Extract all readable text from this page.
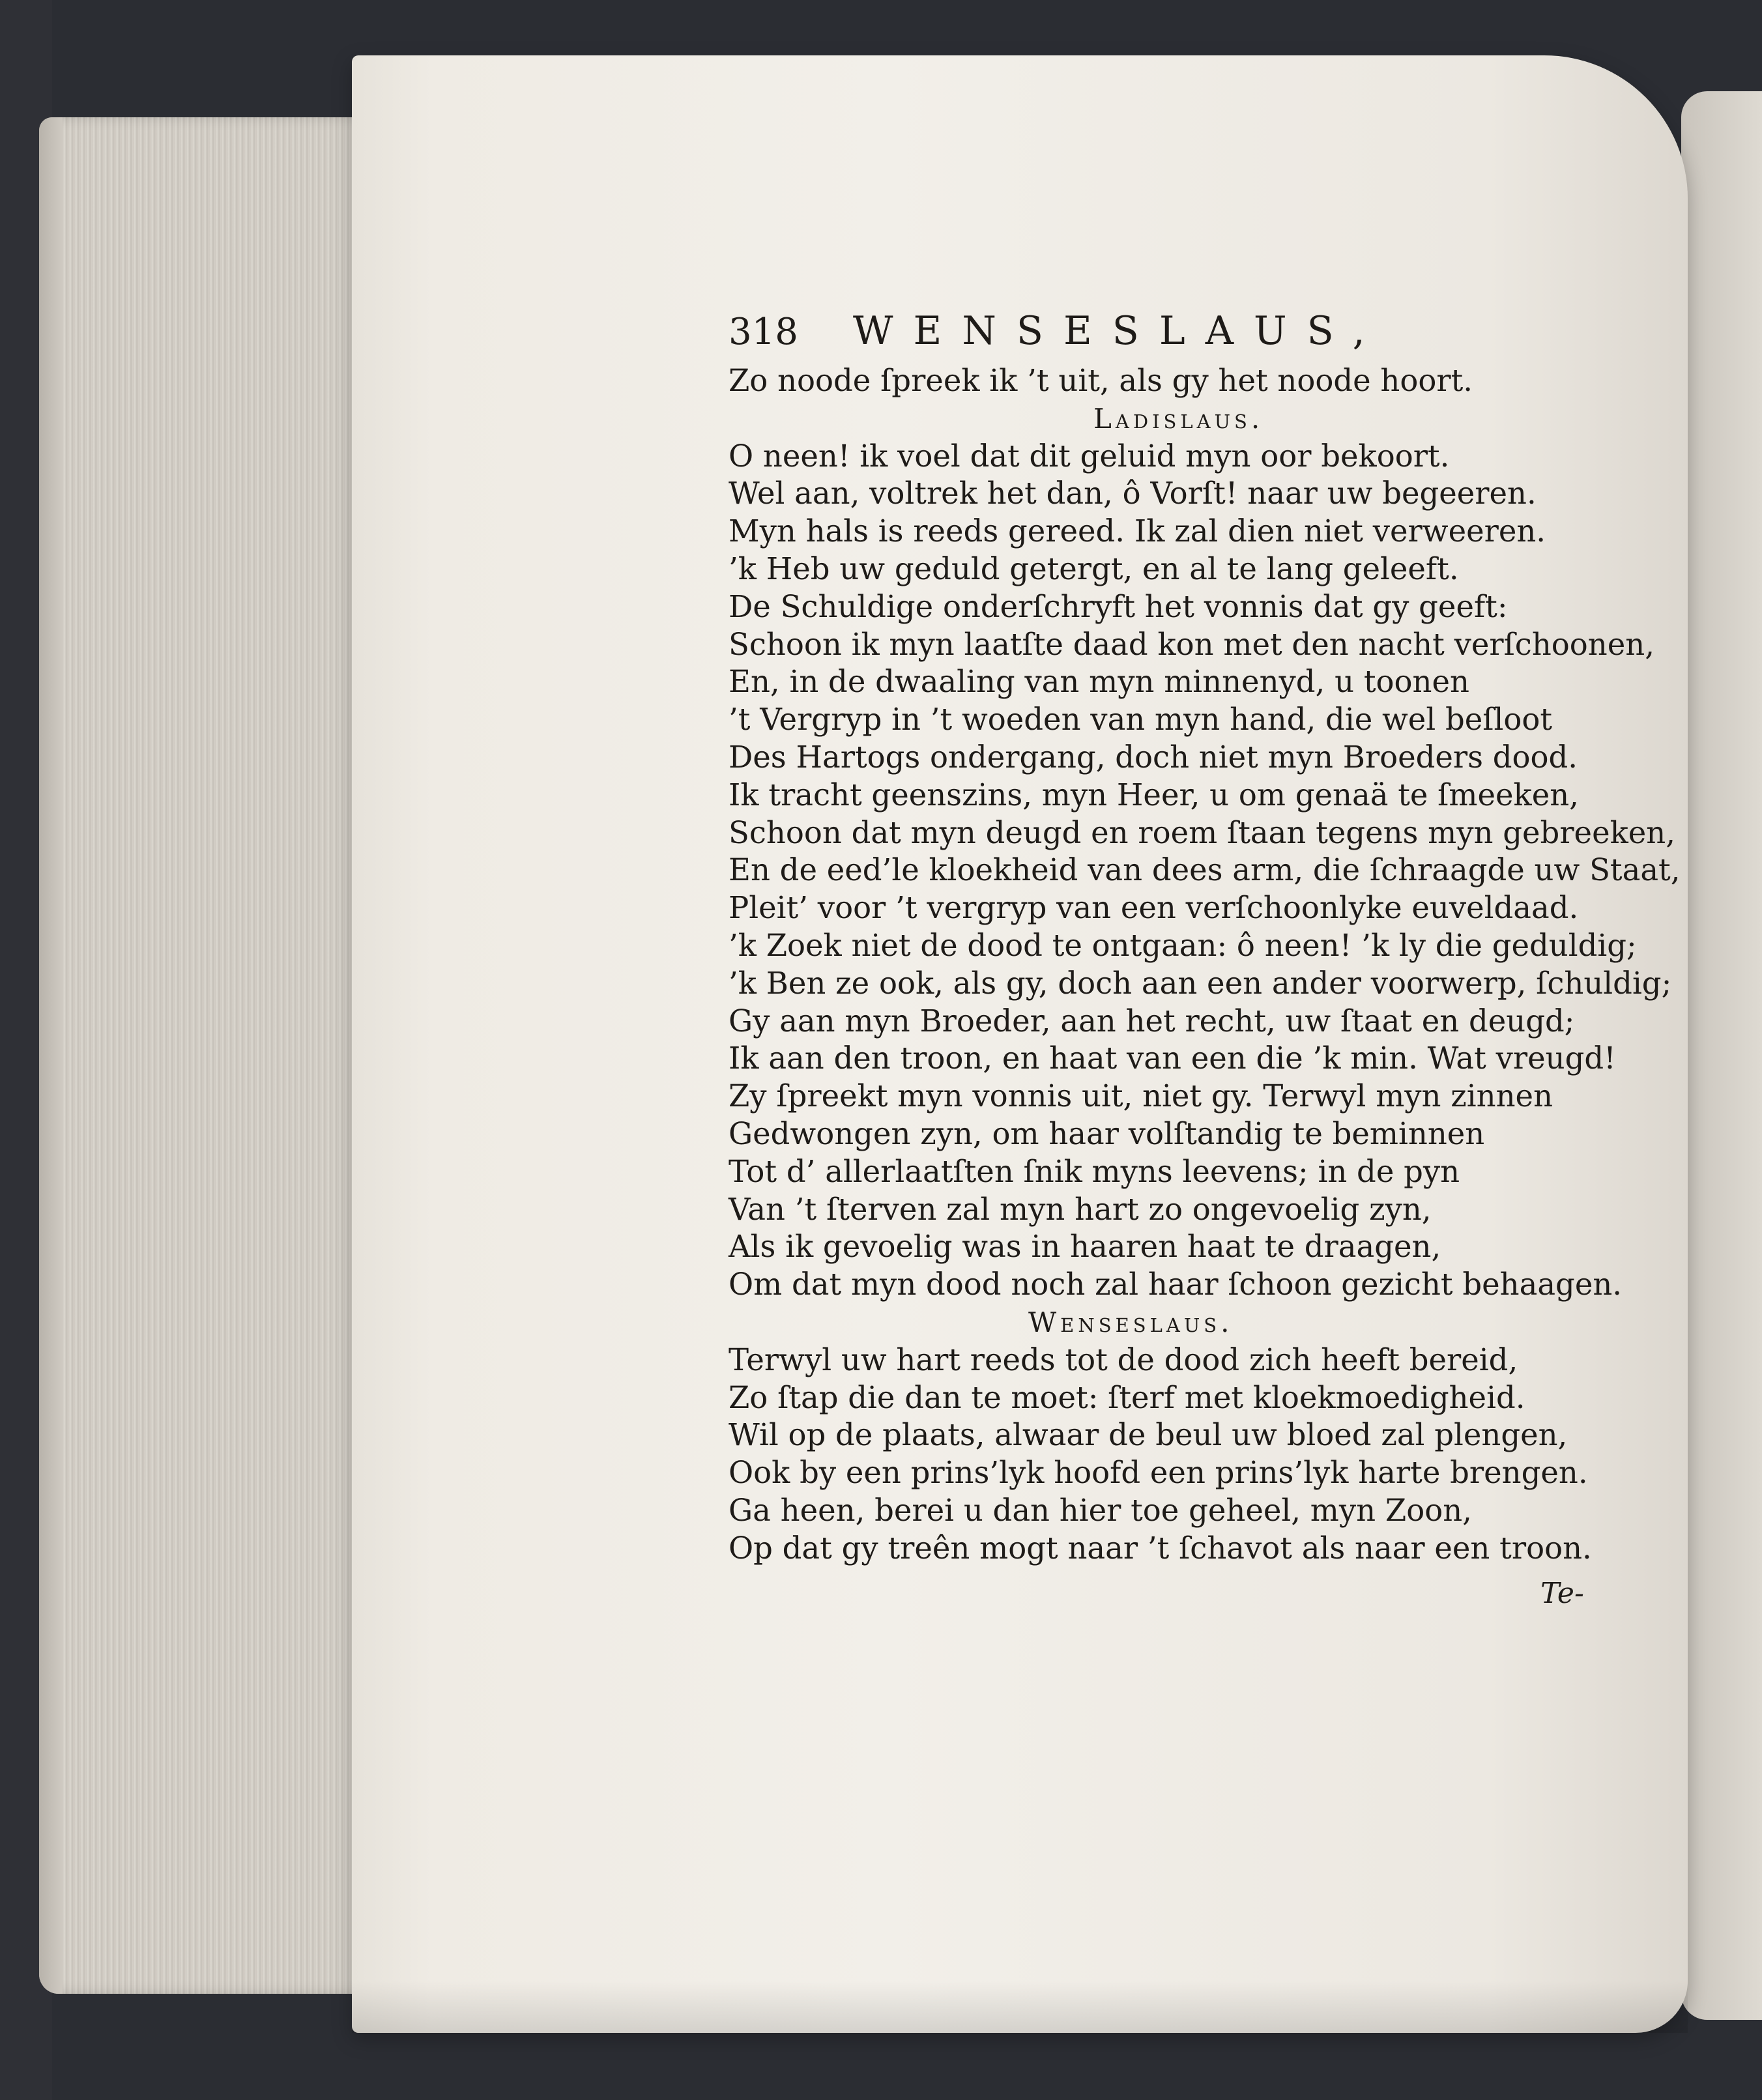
318 WENSESLAUS,
Zo noode ſpreek ik ’t uit, als gy het noode hoort.
Ladislaus.
O neen! ik voel dat dit geluid myn oor bekoort.
Wel aan, voltrek het dan, ô Vorſt! naar uw begeeren.
Myn hals is reeds gereed. Ik zal dien niet verweeren.
’k Heb uw geduld getergt, en al te lang geleeft.
De Schuldige onderſchryft het vonnis dat gy geeft:
Schoon ik myn laatſte daad kon met den nacht verſchoonen,
En, in de dwaaling van myn minnenyd, u toonen
’t Vergryp in ’t woeden van myn hand, die wel beſloot
Des Hartogs ondergang, doch niet myn Broeders dood.
Ik tracht geenszins, myn Heer, u om genaä te ſmeeken,
Schoon dat myn deugd en roem ſtaan tegens myn gebreeken,
En de eed’le kloekheid van dees arm, die ſchraagde uw Staat,
Pleit’ voor ’t vergryp van een verſchoonlyke euveldaad.
’k Zoek niet de dood te ontgaan: ô neen! ’k ly die geduldig;
’k Ben ze ook, als gy, doch aan een ander voorwerp, ſchuldig;
Gy aan myn Broeder, aan het recht, uw ſtaat en deugd;
Ik aan den troon, en haat van een die ’k min. Wat vreugd!
Zy ſpreekt myn vonnis uit, niet gy. Terwyl myn zinnen
Gedwongen zyn, om haar volſtandig te beminnen
Tot d’ allerlaatſten ſnik myns leevens; in de pyn
Van ’t ſterven zal myn hart zo ongevoelig zyn,
Als ik gevoelig was in haaren haat te draagen,
Om dat myn dood noch zal haar ſchoon gezicht behaagen.
Wenseslaus.
Terwyl uw hart reeds tot de dood zich heeft bereid,
Zo ſtap die dan te moet: ſterf met kloekmoedigheid.
Wil op de plaats, alwaar de beul uw bloed zal plengen,
Ook by een prins’lyk hoofd een prins’lyk harte brengen.
Ga heen, berei u dan hier toe geheel, myn Zoon,
Op dat gy treên mogt naar ’t ſchavot als naar een troon.
Te-
